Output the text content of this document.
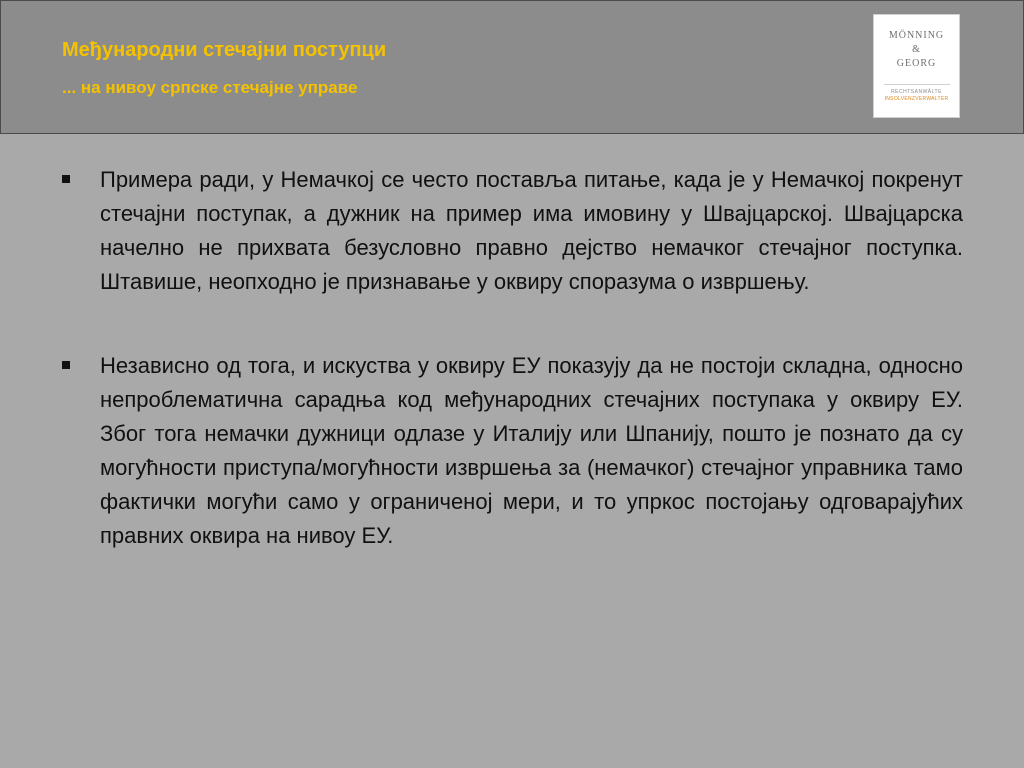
Међународни стечајни поступци
... на нивоу српске стечајне управе
MÖNNING
&
GEORG
RECHTSANWÄLTE
INSOLVENZVERWALTER
Примера ради, у Немачкој се често поставља питање, када је у Немачкој покренут стечајни поступак, а дужник на пример има имовину у Швајцарској. Швајцарска начелно не прихвата безусловно правно дејство немачког стечајног поступка. Штавише, неопходно је признавање у оквиру споразума о извршењу.
Независно од тога, и искуства у оквиру ЕУ показују да не постоји складна, односно непроблематична сарадња код међународних стечајних поступака у оквиру ЕУ. Због тога немачки дужници одлазе у Италију или Шпанију, пошто је познато да су могућности приступа/могућности извршења за (немачког) стечајног управника тамо фактички могући само у ограниченој мери, и то упркос постојању одговарајућих правних оквира на нивоу ЕУ.
